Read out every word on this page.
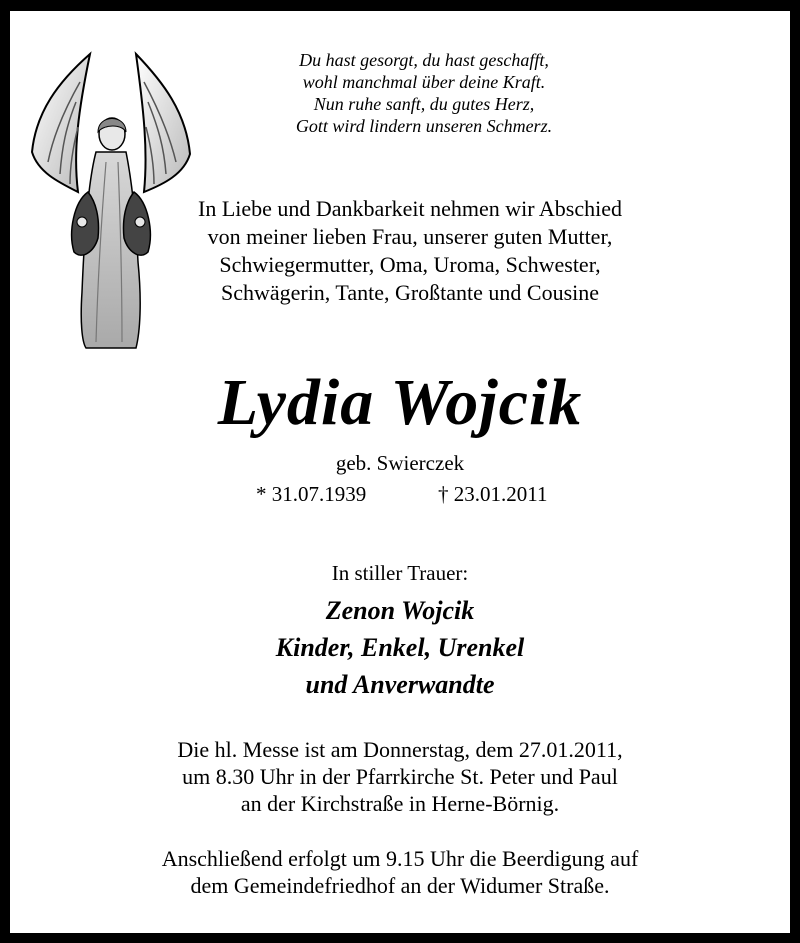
Du hast gesorgt, du hast geschafft,
wohl manchmal über deine Kraft.
Nun ruhe sanft, du gutes Herz,
Gott wird lindern unseren Schmerz.
In Liebe und Dankbarkeit nehmen wir Abschied
von meiner lieben Frau, unserer guten Mutter,
Schwiegermutter, Oma, Uroma, Schwester,
Schwägerin, Tante, Großtante und Cousine
Lydia Wojcik
geb. Swierczek
* 31.07.1939	† 23.01.2011
In stiller Trauer:
Zenon Wojcik
Kinder, Enkel, Urenkel
und Anverwandte
Die hl. Messe ist am Donnerstag, dem 27.01.2011,
um 8.30 Uhr in der Pfarrkirche St. Peter und Paul
an der Kirchstraße in Herne-Börnig.
Anschließend erfolgt um 9.15 Uhr die Beerdigung auf
dem Gemeindefriedhof an der Widumer Straße.
